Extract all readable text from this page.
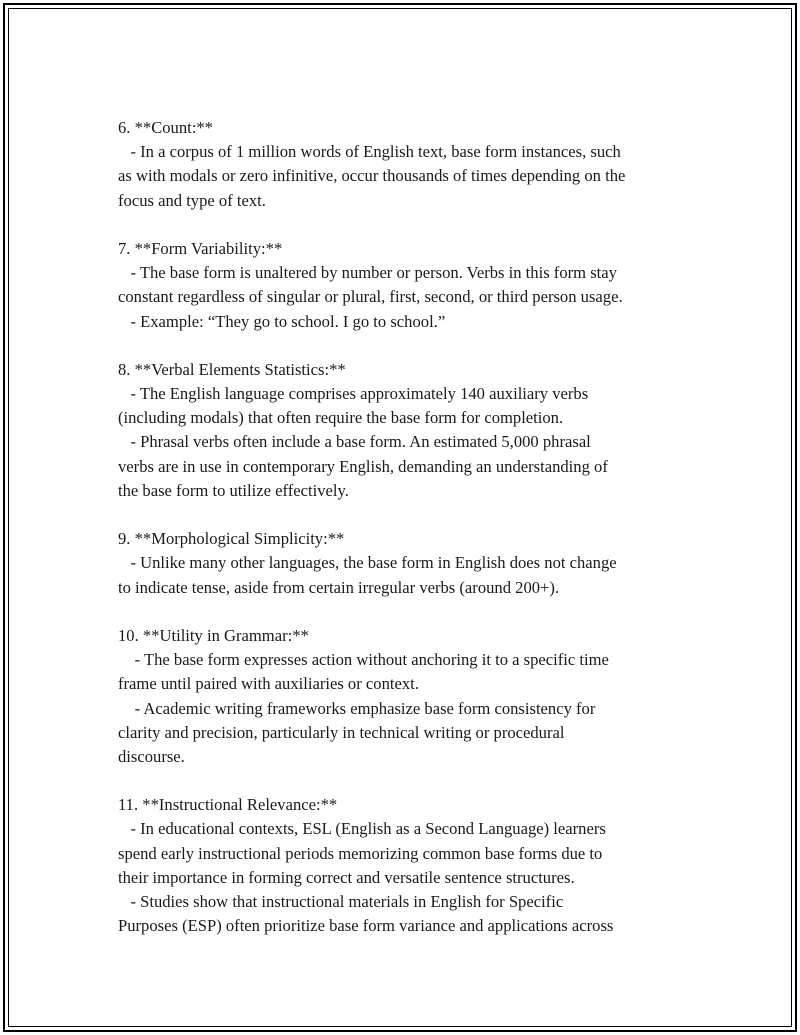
6. **Count:**
- In a corpus of 1 million words of English text, base form instances, such
as with modals or zero infinitive, occur thousands of times depending on the
focus and type of text.
7. **Form Variability:**
- The base form is unaltered by number or person. Verbs in this form stay
constant regardless of singular or plural, first, second, or third person usage.
- Example: “They go to school. I go to school.”
8. **Verbal Elements Statistics:**
- The English language comprises approximately 140 auxiliary verbs
(including modals) that often require the base form for completion.
- Phrasal verbs often include a base form. An estimated 5,000 phrasal
verbs are in use in contemporary English, demanding an understanding of
the base form to utilize effectively.
9. **Morphological Simplicity:**
- Unlike many other languages, the base form in English does not change
to indicate tense, aside from certain irregular verbs (around 200+).
10. **Utility in Grammar:**
- The base form expresses action without anchoring it to a specific time
frame until paired with auxiliaries or context.
- Academic writing frameworks emphasize base form consistency for
clarity and precision, particularly in technical writing or procedural
discourse.
11. **Instructional Relevance:**
- In educational contexts, ESL (English as a Second Language) learners
spend early instructional periods memorizing common base forms due to
their importance in forming correct and versatile sentence structures.
- Studies show that instructional materials in English for Specific
Purposes (ESP) often prioritize base form variance and applications across
